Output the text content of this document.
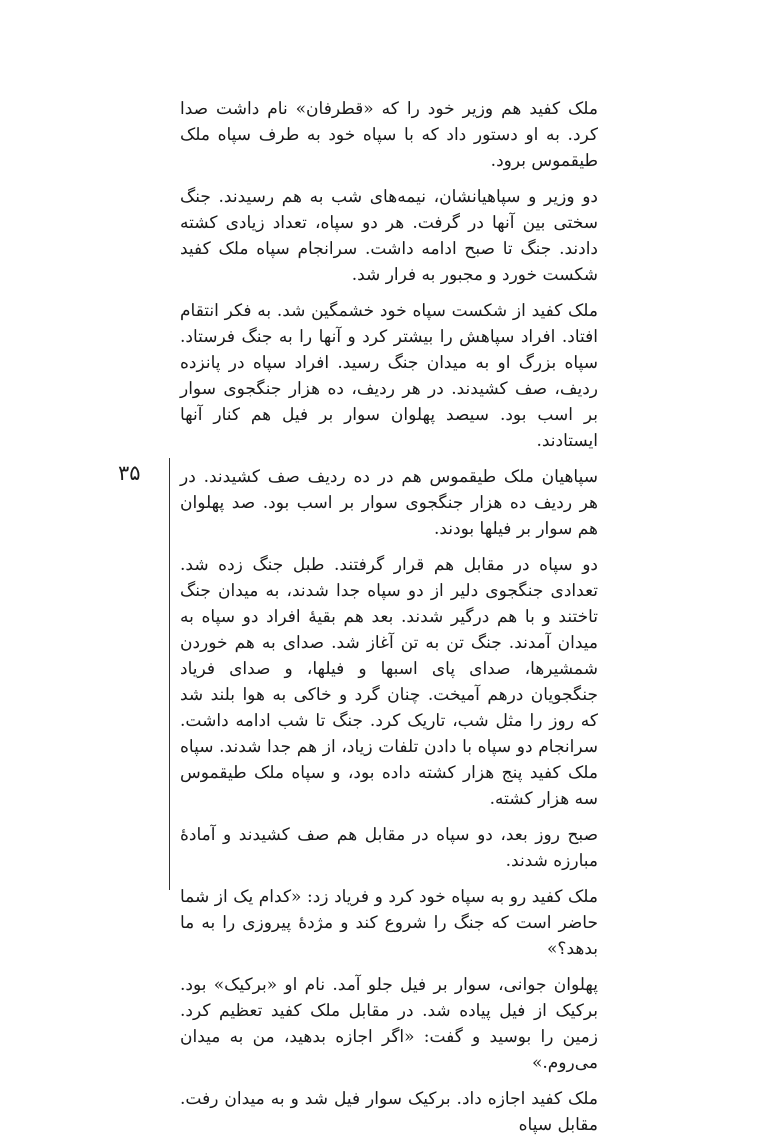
ملک کفید هم وزیر خود را که «قطرفان» نام داشت صدا کرد. به او دستور داد که با سپاه خود به طرف سپاه ملک طیقموس برود.

دو وزیر و سپاهیانشان، نیمه‌های شب به هم رسیدند. جنگ سختی بین آنها در گرفت. هر دو سپاه، تعداد زیادی کشته دادند. جنگ تا صبح ادامه داشت. سرانجام سپاه ملک کفید شکست خورد و مجبور به فرار شد.

ملک کفید از شکست سپاه خود خشمگین شد. به فکر انتقام افتاد. افراد سپاهش را بیشتر کرد و آنها را به جنگ فرستاد. سپاه بزرگ او به میدان جنگ رسید. افراد سپاه در پانزده ردیف، صف کشیدند. در هر ردیف، ده هزار جنگجوی سوار بر اسب بود. سیصد پهلوان سوار بر فیل هم کنار آنها ایستادند.

سپاهیان ملک طیقموس هم در ده ردیف صف کشیدند. در هر ردیف ده هزار جنگجوی سوار بر اسب بود. صد پهلوان هم سوار بر فیلها بودند.

دو سپاه در مقابل هم قرار گرفتند. طبل جنگ زده شد. تعدادی جنگجوی دلیر از دو سپاه جدا شدند، به میدان جنگ تاختند و با هم درگیر شدند. بعد هم بقیهٔ افراد دو سپاه به میدان آمدند. جنگ تن به تن آغاز شد. صدای به هم خوردن شمشیرها، صدای پای اسبها و فیلها، و صدای فریاد جنگجویان درهم آمیخت. چنان گرد و خاکی به هوا بلند شد که روز را مثل شب، تاریک کرد. جنگ تا شب ادامه داشت. سرانجام دو سپاه با دادن تلفات زیاد، از هم جدا شدند. سپاه ملک کفید پنج هزار کشته داده بود، و سپاه ملک طیقموس سه هزار کشته.

صبح روز بعد، دو سپاه در مقابل هم صف کشیدند و آمادهٔ مبارزه شدند.

ملک کفید رو به سپاه خود کرد و فریاد زد: «کدام یک از شما حاضر است که جنگ را شروع کند و مژدهٔ پیروزی را به ما بدهد؟»

پهلوان جوانی، سوار بر فیل جلو آمد. نام او «برکیک» بود. برکیک از فیل پیاده شد. در مقابل ملک کفید تعظیم کرد. زمین را بوسید و گفت: «اگر اجازه بدهید، من به میدان می‌روم.»

ملک کفید اجازه داد. برکیک سوار فیل شد و به میدان رفت. مقابل سپاه

۳۵
